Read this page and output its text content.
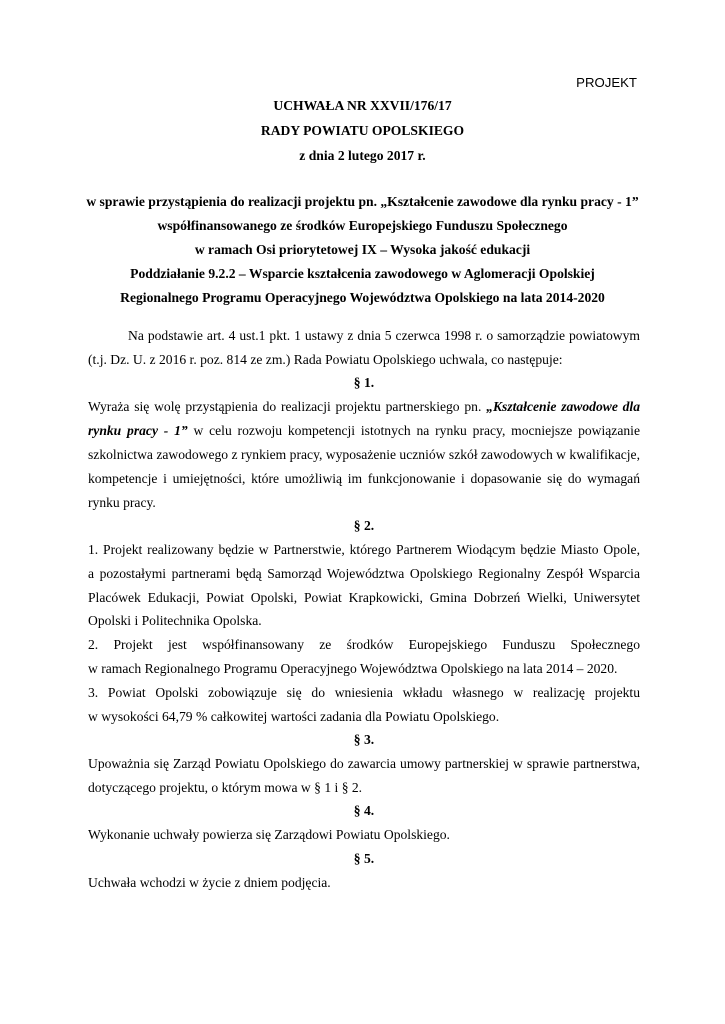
PROJEKT
UCHWAŁA NR XXVII/176/17
RADY POWIATU OPOLSKIEGO
z dnia 2 lutego 2017 r.
w sprawie przystąpienia do realizacji projektu pn. „Kształcenie zawodowe dla rynku pracy - 1”
współfinansowanego ze środków Europejskiego Funduszu Społecznego
w ramach Osi priorytetowej IX – Wysoka jakość edukacji
Poddziałanie 9.2.2 – Wsparcie kształcenia zawodowego w Aglomeracji Opolskiej
Regionalnego Programu Operacyjnego Województwa Opolskiego na lata 2014-2020
Na podstawie art. 4 ust.1 pkt. 1 ustawy z dnia 5 czerwca 1998 r. o samorządzie powiatowym
(t.j. Dz. U. z 2016 r. poz. 814 ze zm.) Rada Powiatu Opolskiego uchwala, co następuje:
§ 1.
Wyraża się wolę przystąpienia do realizacji projektu partnerskiego pn. „Kształcenie zawodowe dla
rynku pracy - 1” w celu rozwoju kompetencji istotnych na rynku pracy, mocniejsze powiązanie
szkolnictwa zawodowego z rynkiem pracy, wyposażenie uczniów szkół zawodowych w kwalifikacje,
kompetencje i umiejętności, które umożliwią im funkcjonowanie i dopasowanie się do wymagań
rynku pracy.
§ 2.
1. Projekt realizowany będzie w Partnerstwie, którego Partnerem Wiodącym będzie Miasto Opole,
a pozostałymi partnerami będą Samorząd Województwa Opolskiego Regionalny Zespół Wsparcia
Placówek Edukacji, Powiat Opolski, Powiat Krapkowicki, Gmina Dobrzeń Wielki, Uniwersytet
Opolski i Politechnika Opolska.
2. Projekt jest współfinansowany ze środków Europejskiego Funduszu Społecznego
w ramach Regionalnego Programu Operacyjnego Województwa Opolskiego na lata 2014 – 2020.
3. Powiat Opolski zobowiązuje się do wniesienia wkładu własnego w realizację projektu
w wysokości 64,79 % całkowitej wartości zadania dla Powiatu Opolskiego.
§ 3.
Upoważnia się Zarząd Powiatu Opolskiego do zawarcia umowy partnerskiej w sprawie partnerstwa,
dotyczącego projektu, o którym mowa w § 1 i § 2.
§ 4.
Wykonanie uchwały powierza się Zarządowi Powiatu Opolskiego.
§ 5.
Uchwała wchodzi w życie z dniem podjęcia.
